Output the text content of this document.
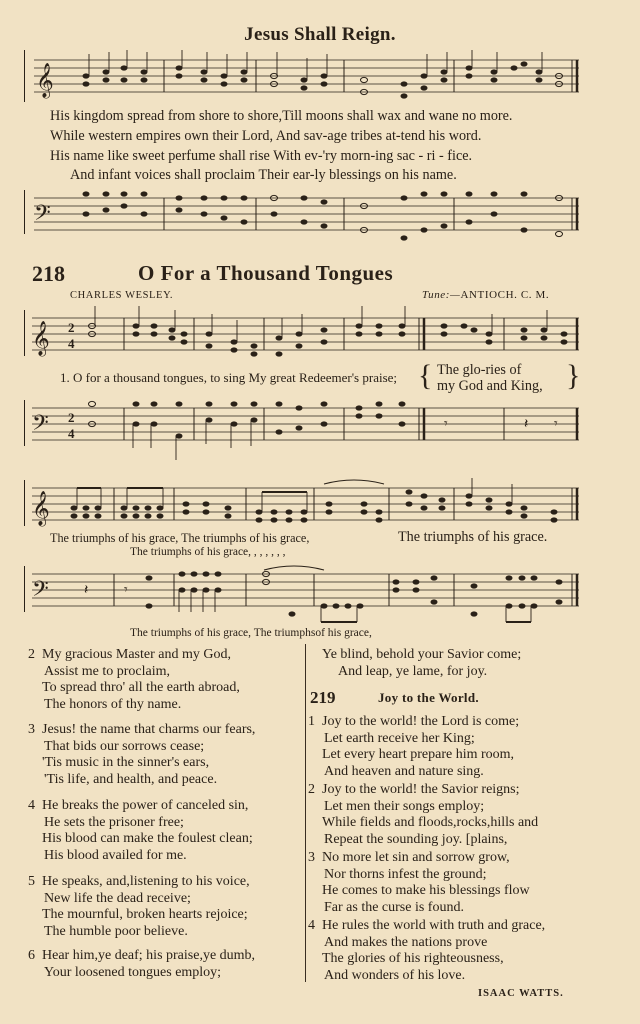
Jesus Shall Reign.
𝄞
His kingdom spread from shore to shore,Till moons shall wax and wane no more.
While western empires own their Lord, And sav-age tribes at-tend his word.
His name like sweet perfume shall rise With ev-'ry morn-ing sac - ri - fice.
And infant voices shall proclaim Their ear-ly blessings on his name.
𝄢
218	O For a Thousand Tongues
CHARLES WESLEY.	Tune:—ANTIOCH. C. M.
𝄞 2
4
1. O for a thousand tongues, to sing My great Redeemer's praise; { The glo-ries of
my God and King, }
𝄢 2
4
𝄾	𝄽 𝄾
𝄞
The triumphs of his grace, The triumphs of his grace,	The triumphs of his grace.
The triumphs of his grace, , , , , , ,
𝄢	𝄽	𝄾
The triumphs of his grace, The triumphsof his grace,
2 My gracious Master and my God,
Assist me to proclaim,
To spread thro' all the earth abroad,
The honors of thy name.
3 Jesus! the name that charms our fears,
That bids our sorrows cease;
'Tis music in the sinner's ears,
'Tis life, and health, and peace.
4 He breaks the power of canceled sin,
He sets the prisoner free;
His blood can make the foulest clean;
His blood availed for me.
5 He speaks, and,listening to his voice,
New life the dead receive;
The mournful, broken hearts rejoice;
The humble poor believe.
6 Hear him,ye deaf; his praise,ye dumb,
Your loosened tongues employ;
Ye blind, behold your Savior come;
And leap, ye lame, for joy.
219	Joy to the World.
1 Joy to the world! the Lord is come;
Let earth receive her King;
Let every heart prepare him room,
And heaven and nature sing.
2 Joy to the world! the Savior reigns;
Let men their songs employ;
While fields and floods,rocks,hills and
Repeat the sounding joy. [plains,
3 No more let sin and sorrow grow,
Nor thorns infest the ground;
He comes to make his blessings flow
Far as the curse is found.
4 He rules the world with truth and grace,
And makes the nations prove
The glories of his righteousness,
And wonders of his love.
ISAAC WATTS.
